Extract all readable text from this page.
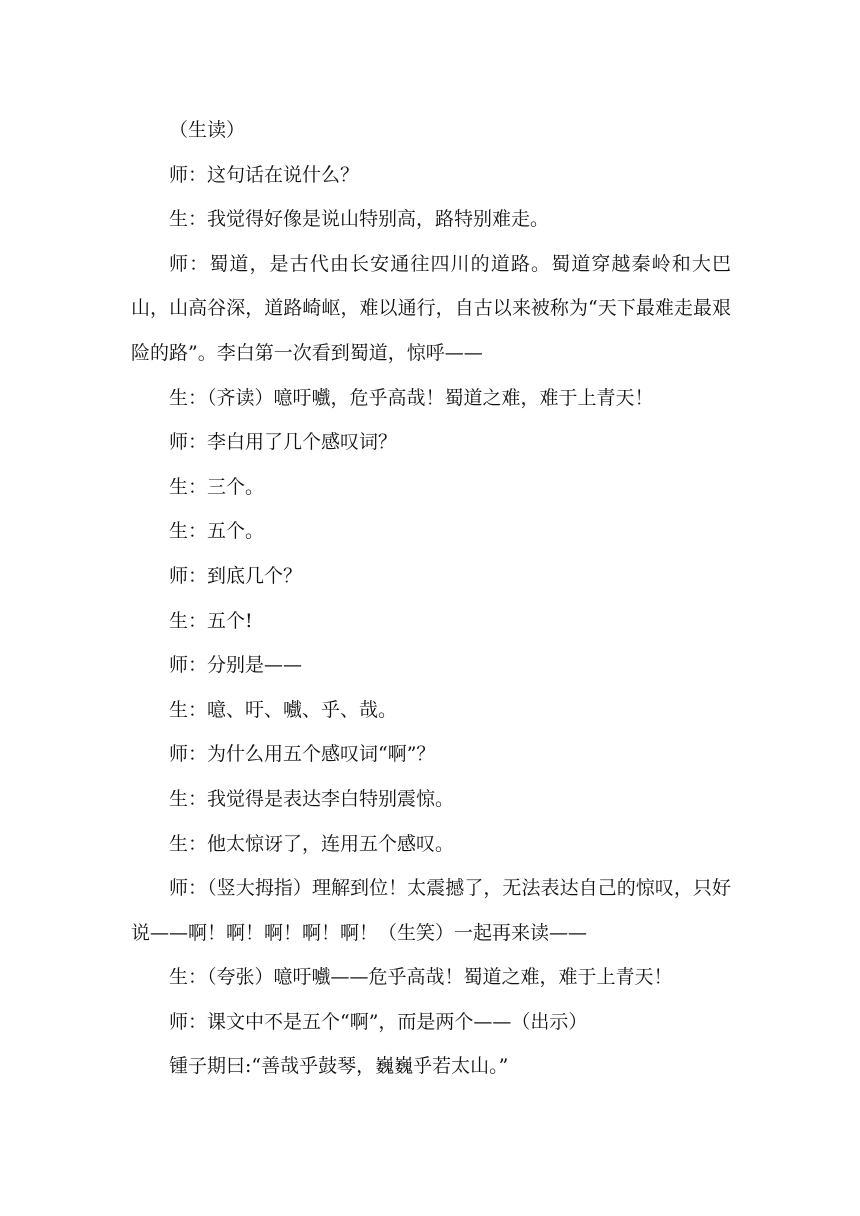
（生读）

师：这句话在说什么？

生：我觉得好像是说山特别高，路特别难走。

师：蜀道，是古代由长安通往四川的道路。蜀道穿越秦岭和大巴山，山高谷深，道路崎岖，难以通行，自古以来被称为“天下最难走最艰险的路”。李白第一次看到蜀道，惊呼——

生：（齐读）噫吁嚱，危乎高哉！蜀道之难，难于上青天！

师：李白用了几个感叹词？

生：三个。

生：五个。

师：到底几个？

生：五个!

师：分别是——

生：噫、吁、嚱、乎、哉。

师：为什么用五个感叹词“啊”？

生：我觉得是表达李白特别震惊。

生：他太惊讶了，连用五个感叹。

师：（竖大拇指）理解到位！太震撼了，无法表达自己的惊叹，只好说——啊！啊！啊！啊！啊！（生笑）一起再来读——

生：（夸张）噫吁嚱——危乎高哉！蜀道之难，难于上青天！

师：课文中不是五个“啊”，而是两个——（出示）

锺子期曰:“善哉乎鼓琴，巍巍乎若太山。”
